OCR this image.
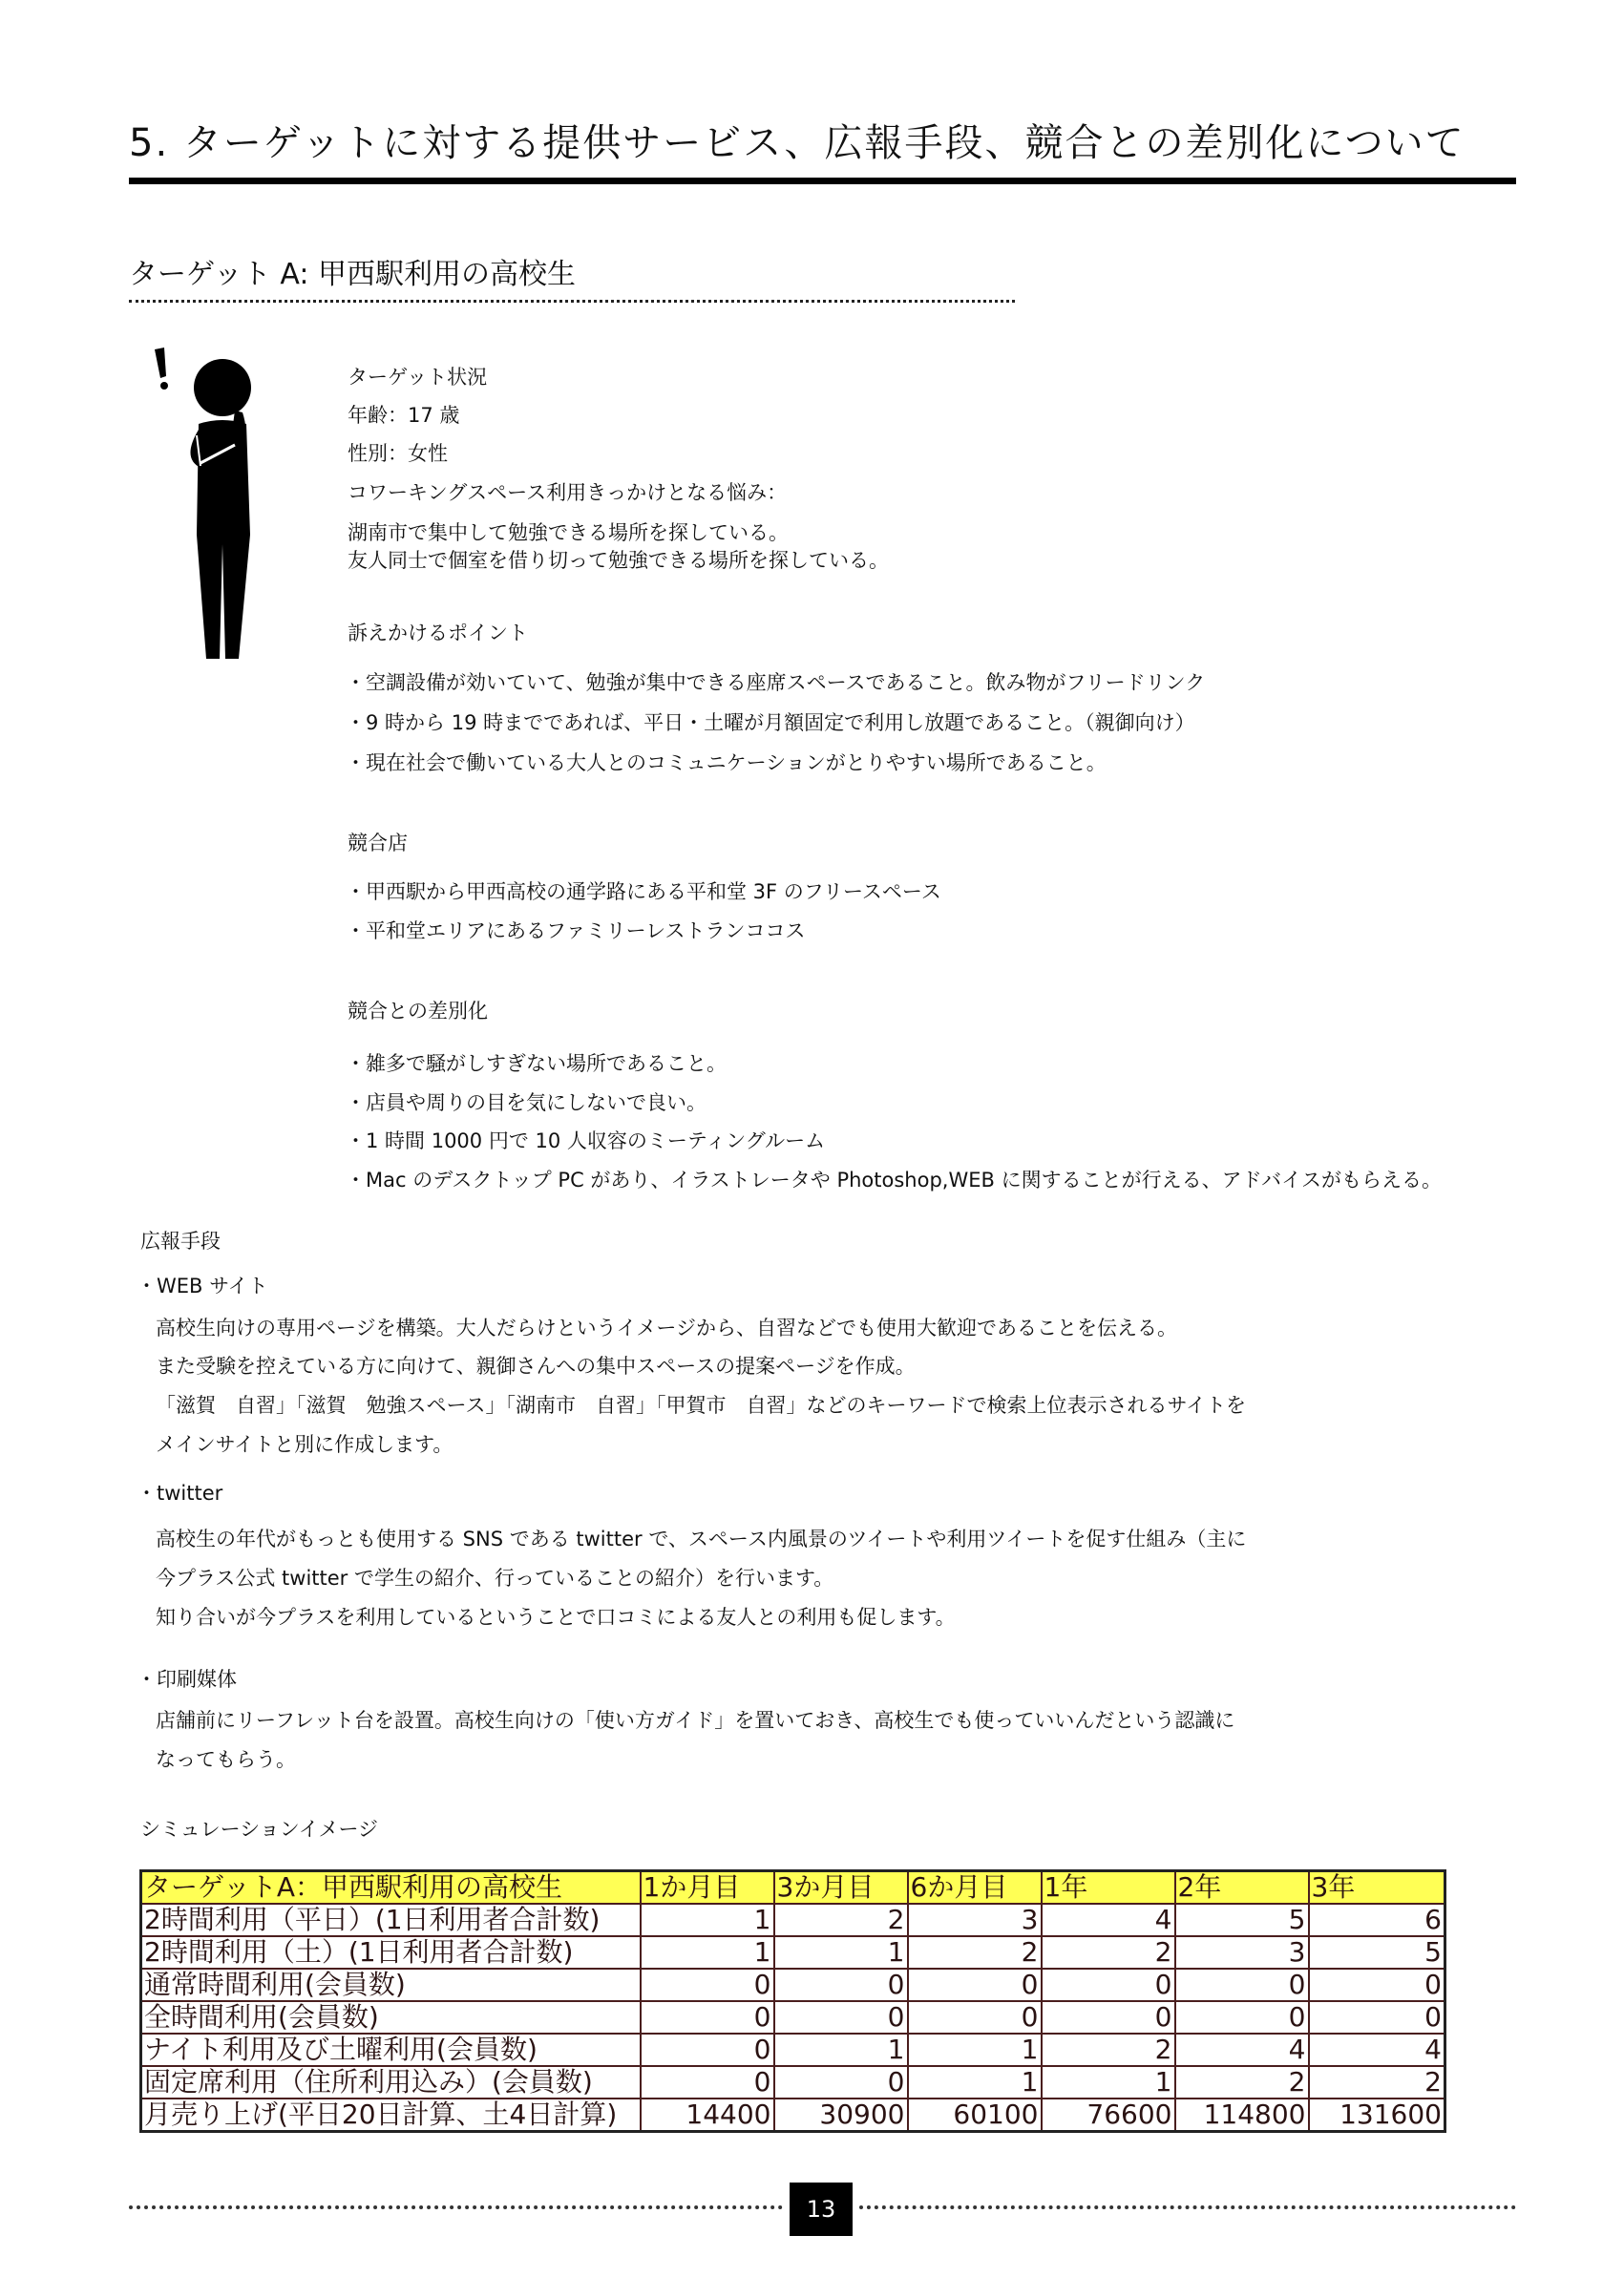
5. ターゲットに対する提供サービス、広報手段、競合との差別化について
ターゲット A: 甲西駅利用の高校生
ターゲット状況
年齢：17 歳
性別：女性
コワーキングスペース利用きっかけとなる悩み：
湖南市で集中して勉強できる場所を探している。
友人同士で個室を借り切って勉強できる場所を探している。
訴えかけるポイント
・空調設備が効いていて、勉強が集中できる座席スペースであること。飲み物がフリードリンク
・9 時から 19 時までであれば、平日・土曜が月額固定で利用し放題であること。（親御向け）
・現在社会で働いている大人とのコミュニケーションがとりやすい場所であること。
競合店
・甲西駅から甲西高校の通学路にある平和堂 3F のフリースペース
・平和堂エリアにあるファミリーレストランココス
競合との差別化
・雑多で騒がしすぎない場所であること。
・店員や周りの目を気にしないで良い。
・1 時間 1000 円で 10 人収容のミーティングルーム
・Mac のデスクトップ PC があり、イラストレータや Photoshop,WEB に関することが行える、アドバイスがもらえる。
広報手段
・WEB サイト
高校生向けの専用ページを構築。大人だらけというイメージから、自習などでも使用大歓迎であることを伝える。
また受験を控えている方に向けて、親御さんへの集中スペースの提案ページを作成。
「滋賀　自習」「滋賀　勉強スペース」「湖南市　自習」「甲賀市　自習」などのキーワードで検索上位表示されるサイトを
メインサイトと別に作成します。
・twitter
高校生の年代がもっとも使用する SNS である twitter で、スペース内風景のツイートや利用ツイートを促す仕組み（主に
今プラス公式 twitter で学生の紹介、行っていることの紹介）を行います。
知り合いが今プラスを利用しているということで口コミによる友人との利用も促します。
・印刷媒体
店舗前にリーフレット台を設置。高校生向けの「使い方ガイド」を置いておき、高校生でも使っていいんだという認識に
なってもらう。
シミュレーションイメージ
ターゲットA：甲西駅利用の高校生	1か月目	3か月目	6か月目	1年	2年	3年
2時間利用（平日）(1日利用者合計数)	1	2	3	4	5	6
2時間利用（土）(1日利用者合計数)	1	1	2	2	3	5
通常時間利用(会員数)	0	0	0	0	0	0
全時間利用(会員数)	0	0	0	0	0	0
ナイト利用及び土曜利用(会員数)	0	1	1	2	4	4
固定席利用（住所利用込み）(会員数)	0	0	1	1	2	2
月売り上げ(平日20日計算、土4日計算)	14400	30900	60100	76600	114800	131600
13
